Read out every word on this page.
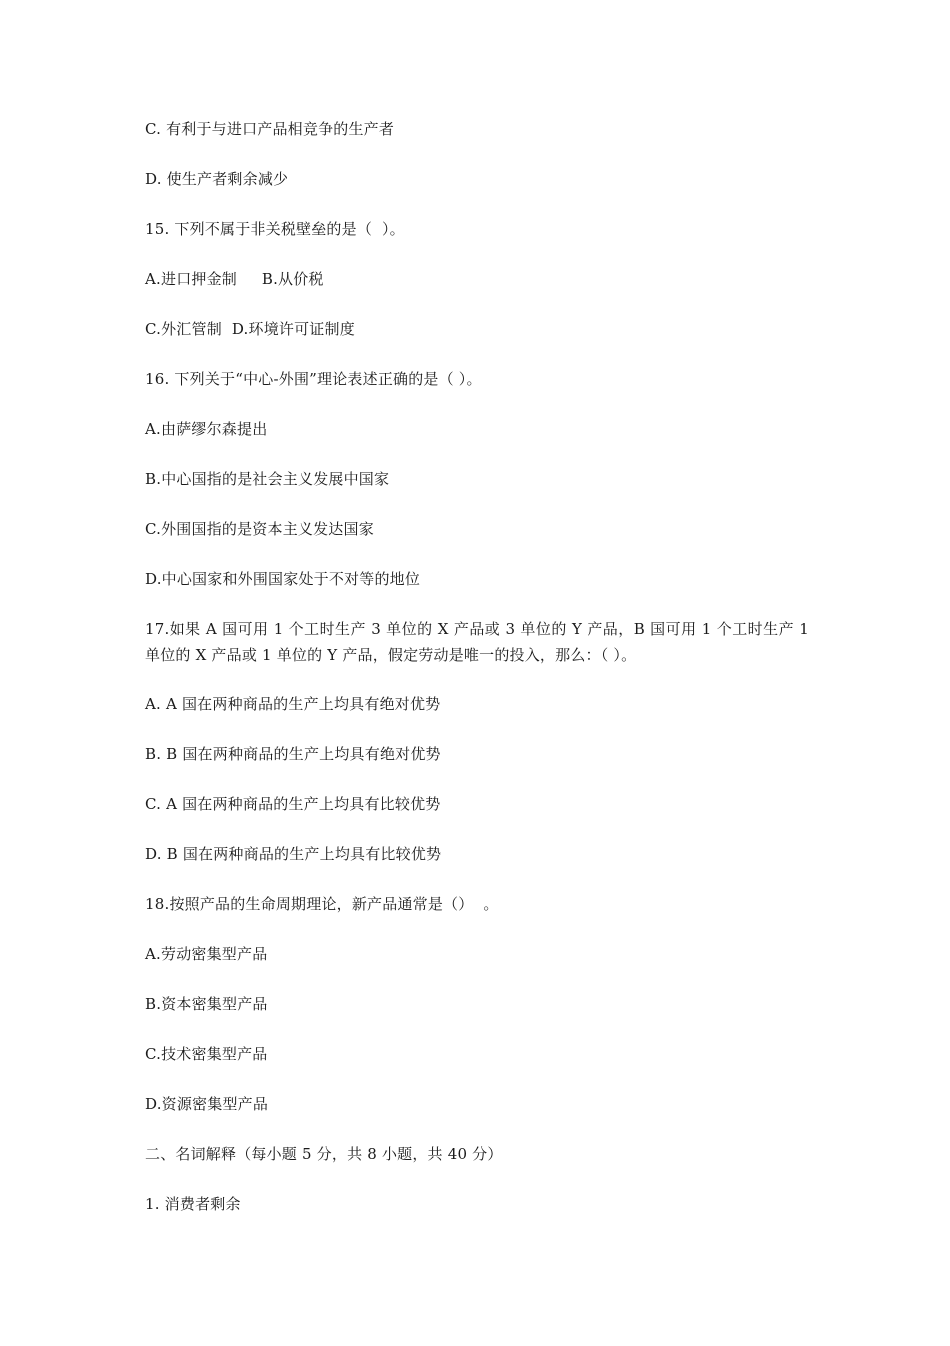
C. 有利于与进口产品相竞争的生产者
D. 使生产者剩余减少
15. 下列不属于非关税壁垒的是（  ）。
A.进口押金制     B.从价税
C.外汇管制  D.环境许可证制度
16. 下列关于“中心-外围”理论表述正确的是（ ）。
A.由萨缪尔森提出
B.中心国指的是社会主义发展中国家
C.外围国指的是资本主义发达国家
D.中心国家和外围国家处于不对等的地位
17.如果 A 国可用 1 个工时生产 3 单位的 X 产品或 3 单位的 Y 产品，B 国可用 1 个工时生产 1 单位的 X 产品或 1 单位的 Y 产品，假定劳动是唯一的投入，那么：（ ）。
A. A 国在两种商品的生产上均具有绝对优势
B. B 国在两种商品的生产上均具有绝对优势
C. A 国在两种商品的生产上均具有比较优势
D. B 国在两种商品的生产上均具有比较优势
18.按照产品的生命周期理论，新产品通常是（）  。
A.劳动密集型产品
B.资本密集型产品
C.技术密集型产品
D.资源密集型产品
二、名词解释（每小题 5 分，共 8 小题，共 40 分）
1. 消费者剩余
